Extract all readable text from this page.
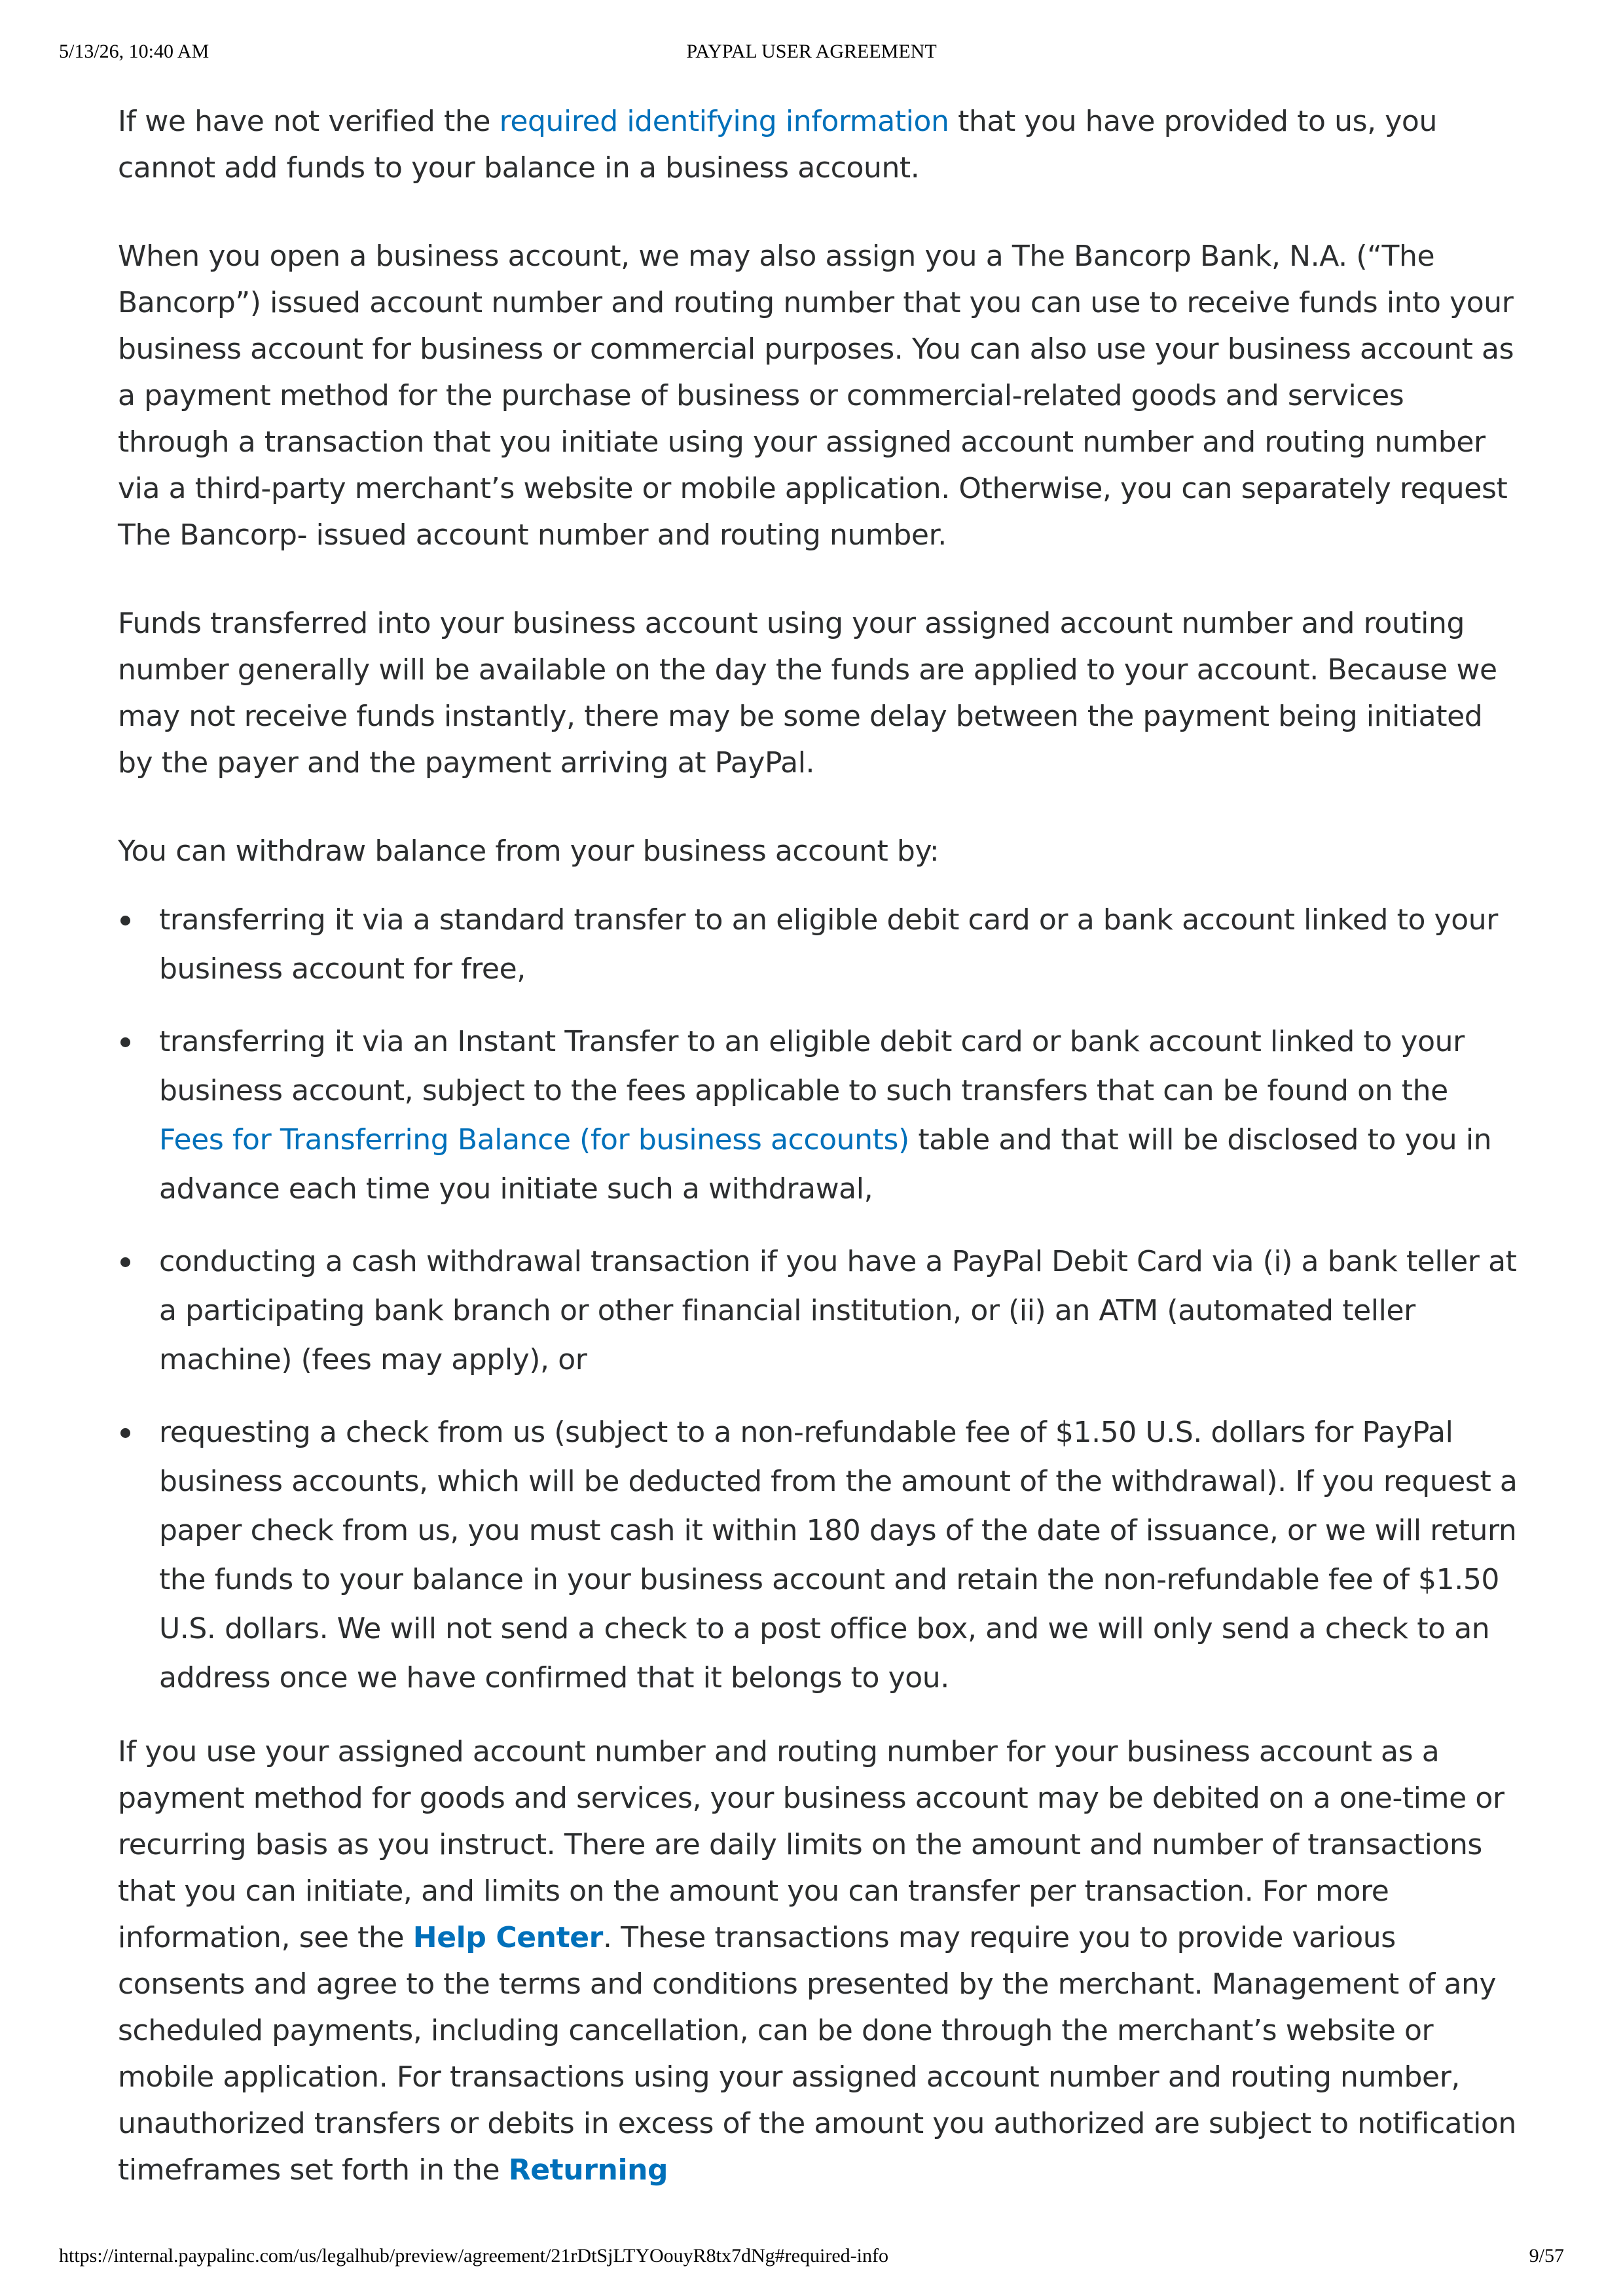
5/13/26, 10:40 AM	PAYPAL USER AGREEMENT

If we have not verified the required identifying information that you have provided to us, you cannot add funds to your balance in a business account.

When you open a business account, we may also assign you a The Bancorp Bank, N.A. (“The Bancorp”) issued account number and routing number that you can use to receive funds into your business account for business or commercial purposes. You can also use your business account as a payment method for the purchase of business or commercial-related goods and services through a transaction that you initiate using your assigned account number and routing number via a third-party merchant’s website or mobile application. Otherwise, you can separately request The Bancorp- issued account number and routing number.

Funds transferred into your business account using your assigned account number and routing number generally will be available on the day the funds are applied to your account. Because we may not receive funds instantly, there may be some delay between the payment being initiated by the payer and the payment arriving at PayPal.

You can withdraw balance from your business account by:

transferring it via a standard transfer to an eligible debit card or a bank account linked to your business account for free,
transferring it via an Instant Transfer to an eligible debit card or bank account linked to your business account, subject to the fees applicable to such transfers that can be found on the Fees for Transferring Balance (for business accounts) table and that will be disclosed to you in advance each time you initiate such a withdrawal,
conducting a cash withdrawal transaction if you have a PayPal Debit Card via (i) a bank teller at a participating bank branch or other financial institution, or (ii) an ATM (automated teller machine) (fees may apply), or
requesting a check from us (subject to a non-refundable fee of $1.50 U.S. dollars for PayPal business accounts, which will be deducted from the amount of the withdrawal). If you request a paper check from us, you must cash it within 180 days of the date of issuance, or we will return the funds to your balance in your business account and retain the non-refundable fee of $1.50 U.S. dollars. We will not send a check to a post office box, and we will only send a check to an address once we have confirmed that it belongs to you.

If you use your assigned account number and routing number for your business account as a payment method for goods and services, your business account may be debited on a one-time or recurring basis as you instruct. There are daily limits on the amount and number of transactions that you can initiate, and limits on the amount you can transfer per transaction. For more information, see the Help Center. These transactions may require you to provide various consents and agree to the terms and conditions presented by the merchant. Management of any scheduled payments, including cancellation, can be done through the merchant’s website or mobile application. For transactions using your assigned account number and routing number, unauthorized transfers or debits in excess of the amount you authorized are subject to notification timeframes set forth in the Returning

https://internal.paypalinc.com/us/legalhub/preview/agreement/21rDtSjLTYOouyR8tx7dNg#required-info	9/57
